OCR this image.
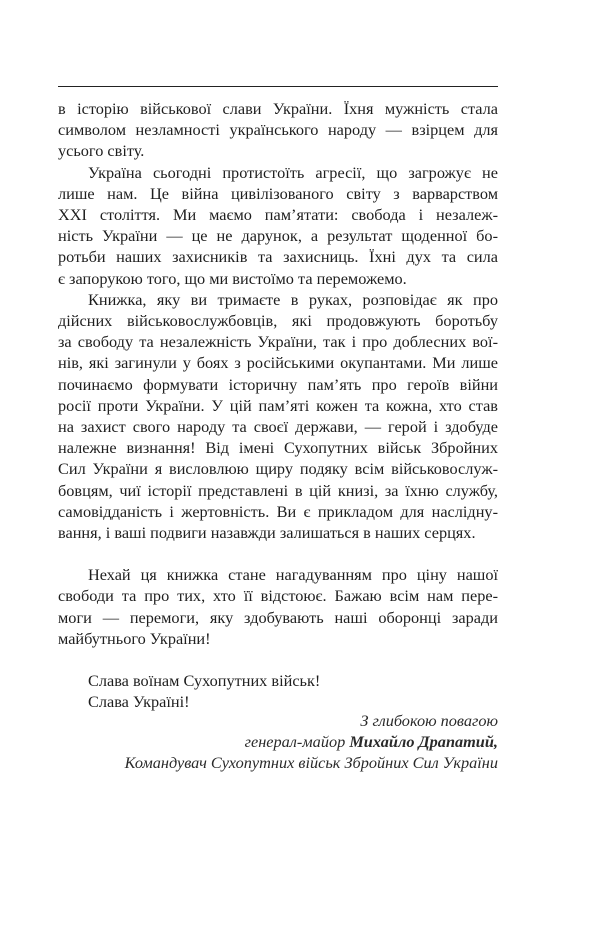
в історію військової слави України. Їхня мужність стала
символом незламності українського народу — взірцем для
усього світу.

Україна сьогодні протистоїть агресії, що загрожує не
лише нам. Це війна цивілізованого світу з варварством
XXI століття. Ми маємо пам’ятати: свобода і незалеж-
ність України — це не дарунок, а результат щоденної бо-
ротьби наших захисників та захисниць. Їхні дух та сила
є запорукою того, що ми вистоїмо та переможемо.

Книжка, яку ви тримаєте в руках, розповідає як про
дійсних військовослужбовців, які продовжують боротьбу
за свободу та незалежність України, так і про доблесних вої-
нів, які загинули у боях з російськими окупантами. Ми лише
починаємо формувати історичну пам’ять про героїв війни
росії проти України. У цій пам’яті кожен та кожна, хто став
на захист свого народу та своєї держави, — герой і здобуде
належне визнання! Від імені Сухопутних військ Збройних
Сил України я висловлюю щиру подяку всім військовослуж-
бовцям, чиї історії представлені в цій книзі, за їхню службу,
самовідданість і жертовність. Ви є прикладом для наслідну-
вання, і ваші подвиги назавжди залишаться в наших серцях.

Нехай ця книжка стане нагадуванням про ціну нашої
свободи та про тих, хто її відстоює. Бажаю всім нам пере-
моги — перемоги, яку здобувають наші оборонці заради
майбутнього України!

Слава воїнам Сухопутних військ!
Слава Україні!
З глибокою повагою
генерал-майор Михайло Драпатий,
Командувач Сухопутних військ Збройних Сил України
